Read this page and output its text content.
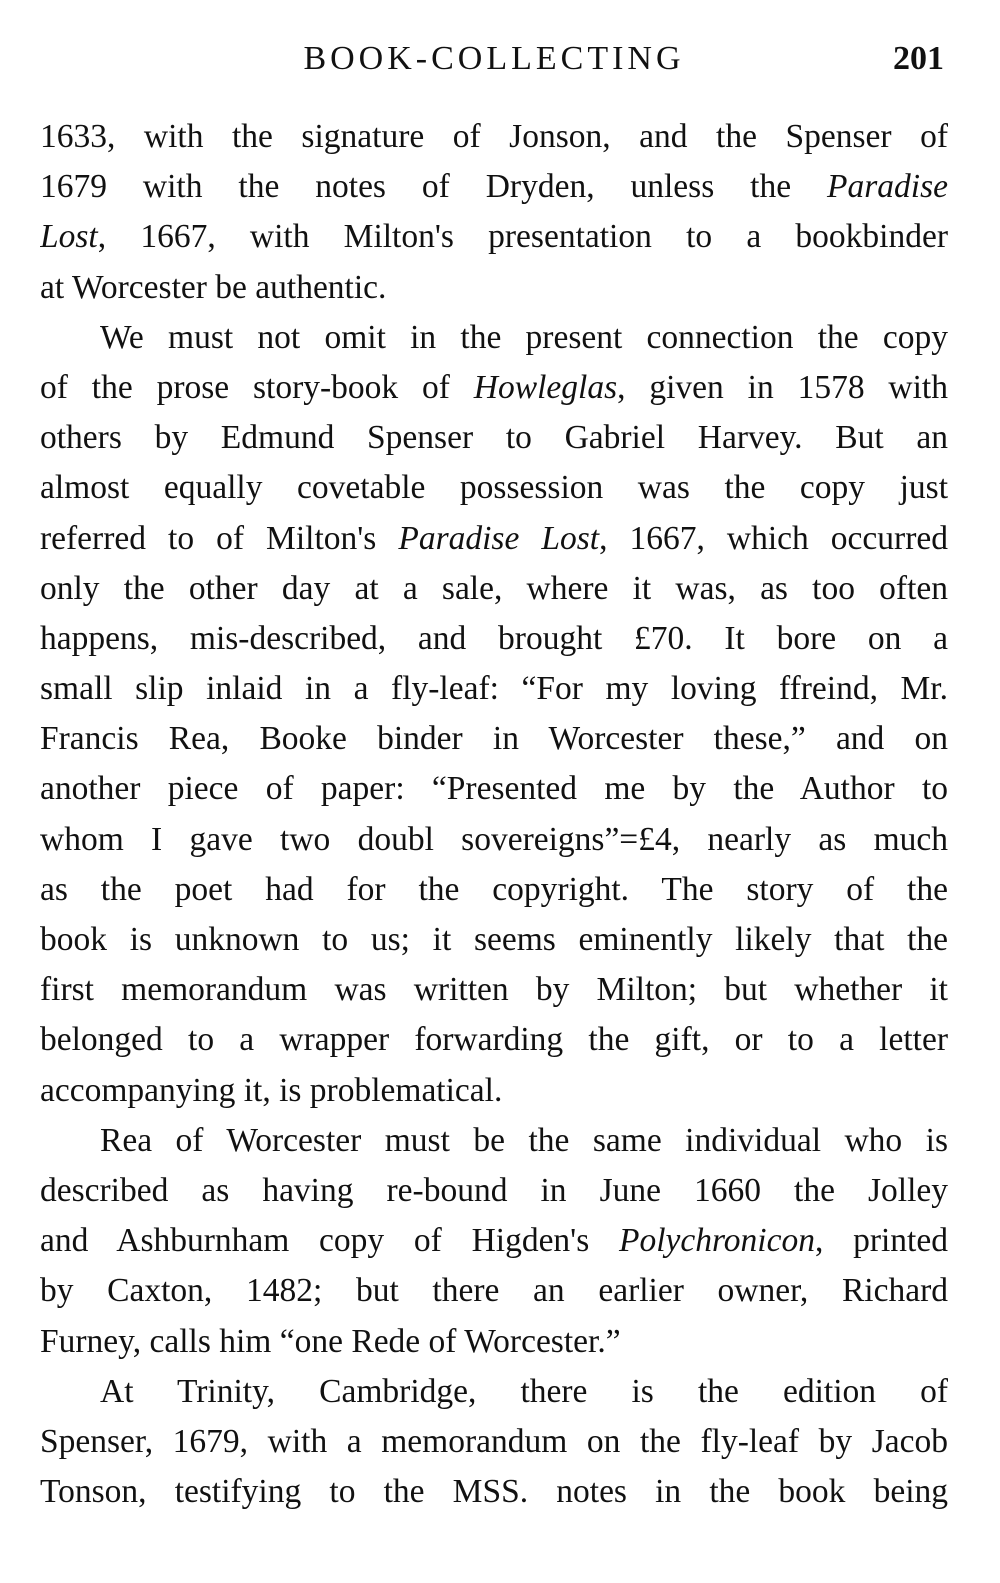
BOOK-COLLECTING	201
1633, with the signature of Jonson, and the Spenser of
1679 with the notes of Dryden, unless the Paradise
Lost, 1667, with Milton's presentation to a bookbinder
at Worcester be authentic.
We must not omit in the present connection the copy
of the prose story-book of Howleglas, given in 1578 with
others by Edmund Spenser to Gabriel Harvey. But an
almost equally covetable possession was the copy just
referred to of Milton's Paradise Lost, 1667, which occurred
only the other day at a sale, where it was, as too often
happens, mis-described, and brought £70. It bore on a
small slip inlaid in a fly-leaf: “For my loving ffreind, Mr.
Francis Rea, Booke binder in Worcester these,” and on
another piece of paper: “Presented me by the Author to
whom I gave two doubl sovereigns”=£4, nearly as much
as the poet had for the copyright. The story of the
book is unknown to us; it seems eminently likely that the
first memorandum was written by Milton; but whether it
belonged to a wrapper forwarding the gift, or to a letter
accompanying it, is problematical.
Rea of Worcester must be the same individual who is
described as having re-bound in June 1660 the Jolley
and Ashburnham copy of Higden's Polychronicon, printed
by Caxton, 1482; but there an earlier owner, Richard
Furney, calls him “one Rede of Worcester.”
At Trinity, Cambridge, there is the edition of
Spenser, 1679, with a memorandum on the fly-leaf by Jacob
Tonson, testifying to the MSS. notes in the book being
